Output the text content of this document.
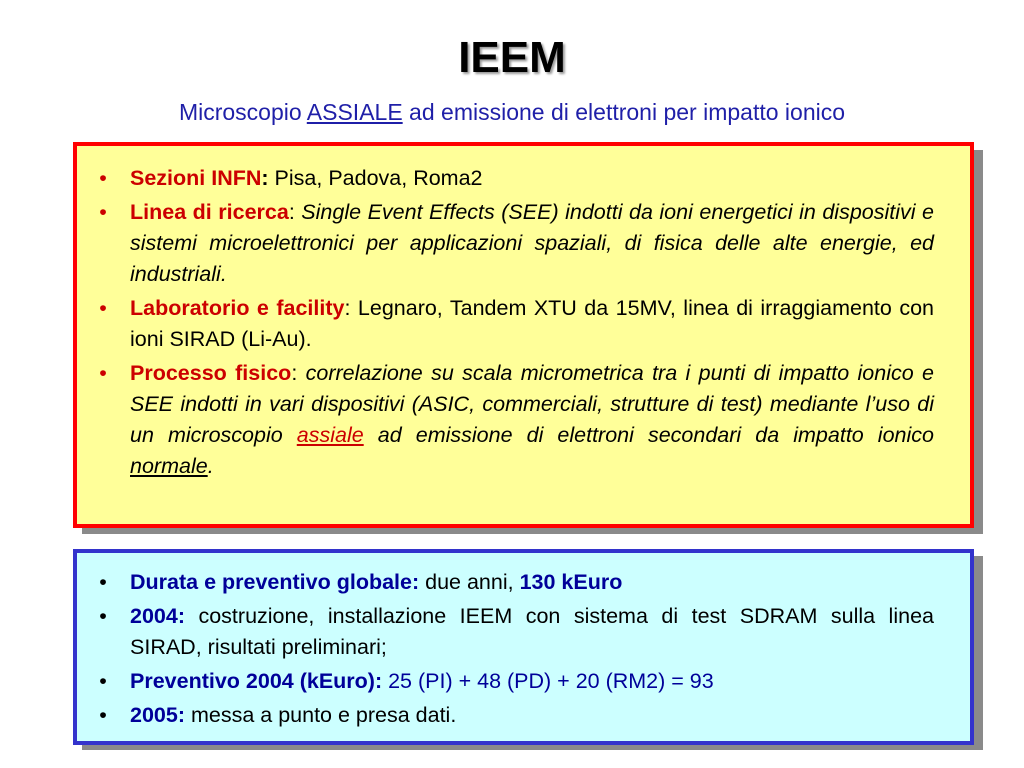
IEEM
Microscopio ASSIALE ad emissione di elettroni per impatto ionico
• Sezioni INFN: Pisa, Padova, Roma2
• Linea di ricerca: Single Event Effects (SEE) indotti da ioni energetici in dispositivi e sistemi microelettronici per applicazioni spaziali, di fisica delle alte energie, ed industriali.
• Laboratorio e facility: Legnaro, Tandem XTU da 15MV, linea di irraggiamento con ioni SIRAD (Li-Au).
• Processo fisico: correlazione su scala micrometrica tra i punti di impatto ionico e SEE indotti in vari dispositivi (ASIC, commerciali, strutture di test) mediante l’uso di un microscopio assiale ad emissione di elettroni secondari da impatto ionico normale.
• Durata e preventivo globale: due anni, 130 kEuro
• 2004: costruzione, installazione IEEM con sistema di test SDRAM sulla linea SIRAD, risultati preliminari;
• Preventivo 2004 (kEuro): 25 (PI) + 48 (PD) + 20 (RM2) = 93
• 2005: messa a punto e presa dati.
